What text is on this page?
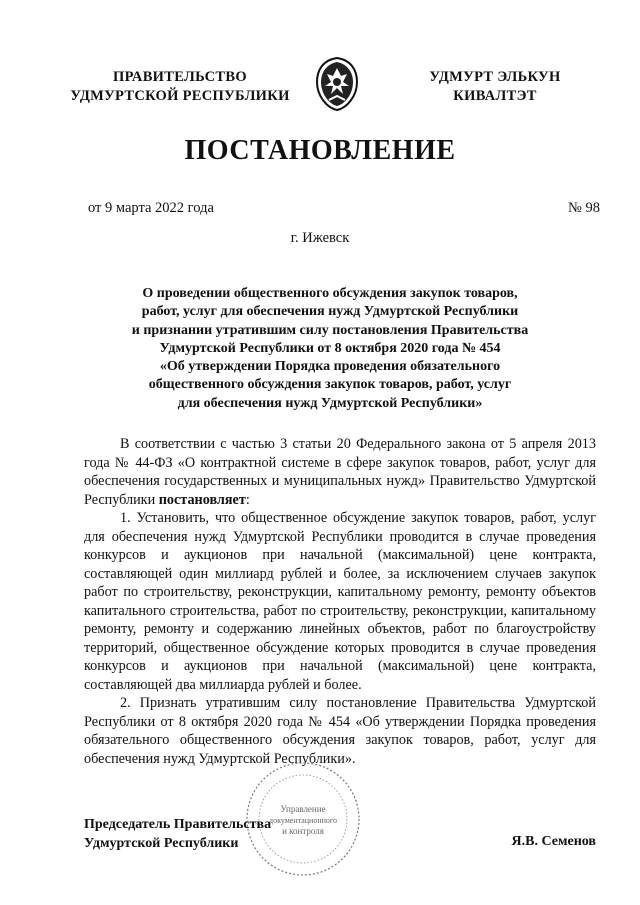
ПРАВИТЕЛЬСТВО
УДМУРТСКОЙ РЕСПУБЛИКИ
УДМУРТ ЭЛЬКУН
КИВАЛТЭТ
ПОСТАНОВЛЕНИЕ
от 9 марта 2022 года	№ 98
г. Ижевск
О проведении общественного обсуждения закупок товаров,
работ, услуг для обеспечения нужд Удмуртской Республики
и признании утратившим силу постановления Правительства
Удмуртской Республики от 8 октября 2020 года № 454
«Об утверждении Порядка проведения обязательного
общественного обсуждения закупок товаров, работ, услуг
для обеспечения нужд Удмуртской Республики»

В соответствии с частью 3 статьи 20 Федерального закона от 5 апреля 2013 года № 44-ФЗ «О контрактной системе в сфере закупок товаров, работ, услуг для обеспечения государственных и муниципальных нужд» Правительство Удмуртской Республики постановляет:

1. Установить, что общественное обсуждение закупок товаров, работ, услуг для обеспечения нужд Удмуртской Республики проводится в случае проведения конкурсов и аукционов при начальной (максимальной) цене контракта, составляющей один миллиард рублей и более, за исключением случаев закупок работ по строительству, реконструкции, капитальному ремонту, ремонту объектов капитального строительства, работ по строительству, реконструкции, капитальному ремонту, ремонту и содержанию линейных объектов, работ по благоустройству территорий, общественное обсуждение которых проводится в случае проведения конкурсов и аукционов при начальной (максимальной) цене контракта, составляющей два миллиарда рублей и более.

2. Признать утратившим силу постановление Правительства Удмуртской Республики от 8 октября 2020 года № 454 «Об утверждении Порядка проведения обязательного общественного обсуждения закупок товаров, работ, услуг для обеспечения нужд Удмуртской Республики».

Управление
документационного
и контроля
Председатель Правительства
Удмуртской Республики	Я.В. Семенов
